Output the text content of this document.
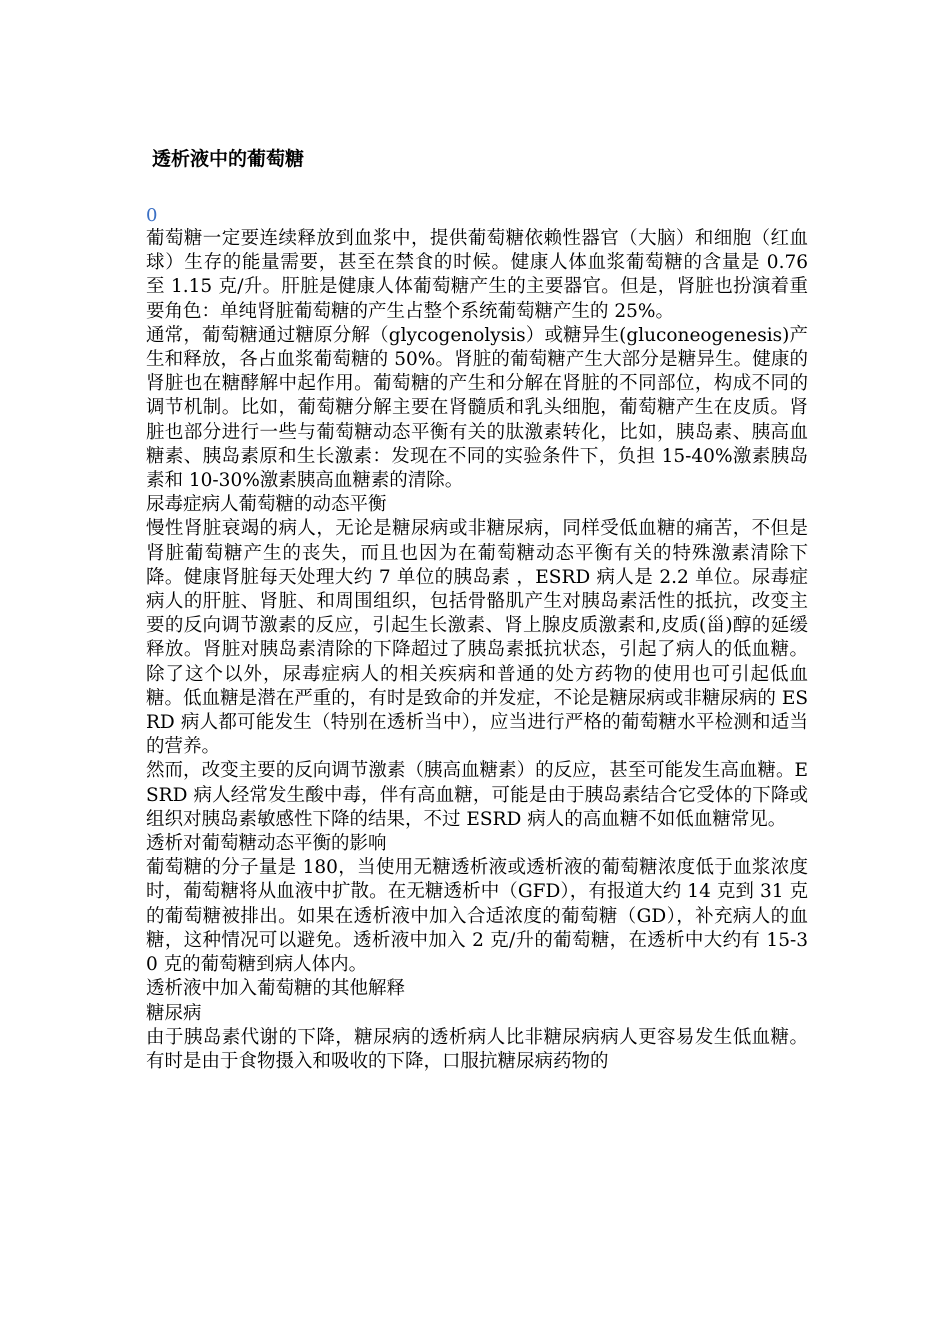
透析液中的葡萄糖
0

葡萄糖一定要连续释放到血浆中，提供葡萄糖依赖性器官（大脑）和细胞（红血球）生存的能量需要，甚至在禁食的时候。健康人体血浆葡萄糖的含量是 0.76 至 1.15 克/升。肝脏是健康人体葡萄糖产生的主要器官。但是，肾脏也扮演着重要角色：单纯肾脏葡萄糖的产生占整个系统葡萄糖产生的 25%。

通常，葡萄糖通过糖原分解（glycogenolysis）或糖异生(gluconeogenesis)产生和释放，各占血浆葡萄糖的 50%。肾脏的葡萄糖产生大部分是糖异生。健康的肾脏也在糖酵解中起作用。葡萄糖的产生和分解在肾脏的不同部位，构成不同的调节机制。比如，葡萄糖分解主要在肾髓质和乳头细胞，葡萄糖产生在皮质。肾脏也部分进行一些与葡萄糖动态平衡有关的肽激素转化，比如，胰岛素、胰高血糖素、胰岛素原和生长激素：发现在不同的实验条件下，负担 15-40%激素胰岛素和 10-30%激素胰高血糖素的清除。

尿毒症病人葡萄糖的动态平衡

慢性肾脏衰竭的病人，无论是糖尿病或非糖尿病，同样受低血糖的痛苦，不但是肾脏葡萄糖产生的丧失，而且也因为在葡萄糖动态平衡有关的特殊激素清除下降。健康肾脏每天处理大约 7 单位的胰岛素 ，ESRD 病人是 2.2 单位。尿毒症病人的肝脏、肾脏、和周围组织，包括骨骼肌产生对胰岛素活性的抵抗，改变主要的反向调节激素的反应，引起生长激素、肾上腺皮质激素和,皮质(甾)醇的延缓释放。肾脏对胰岛素清除的下降超过了胰岛素抵抗状态，引起了病人的低血糖。除了这个以外，尿毒症病人的相关疾病和普通的处方药物的使用也可引起低血糖。低血糖是潜在严重的，有时是致命的并发症，不论是糖尿病或非糖尿病的 ESRD 病人都可能发生（特别在透析当中），应当进行严格的葡萄糖水平检测和适当的营养。

然而，改变主要的反向调节激素（胰高血糖素）的反应，甚至可能发生高血糖。ESRD 病人经常发生酸中毒，伴有高血糖，可能是由于胰岛素结合它受体的下降或组织对胰岛素敏感性下降的结果，不过 ESRD 病人的高血糖不如低血糖常见。

透析对葡萄糖动态平衡的影响

葡萄糖的分子量是 180，当使用无糖透析液或透析液的葡萄糖浓度低于血浆浓度时，葡萄糖将从血液中扩散。在无糖透析中（GFD），有报道大约 14 克到 31 克的葡萄糖被排出。如果在透析液中加入合适浓度的葡萄糖（GD），补充病人的血糖，这种情况可以避免。透析液中加入 2 克/升的葡萄糖，在透析中大约有 15-30 克的葡萄糖到病人体内。

透析液中加入葡萄糖的其他解释

糖尿病

由于胰岛素代谢的下降，糖尿病的透析病人比非糖尿病病人更容易发生低血糖。有时是由于食物摄入和吸收的下降，口服抗糖尿病药物的
